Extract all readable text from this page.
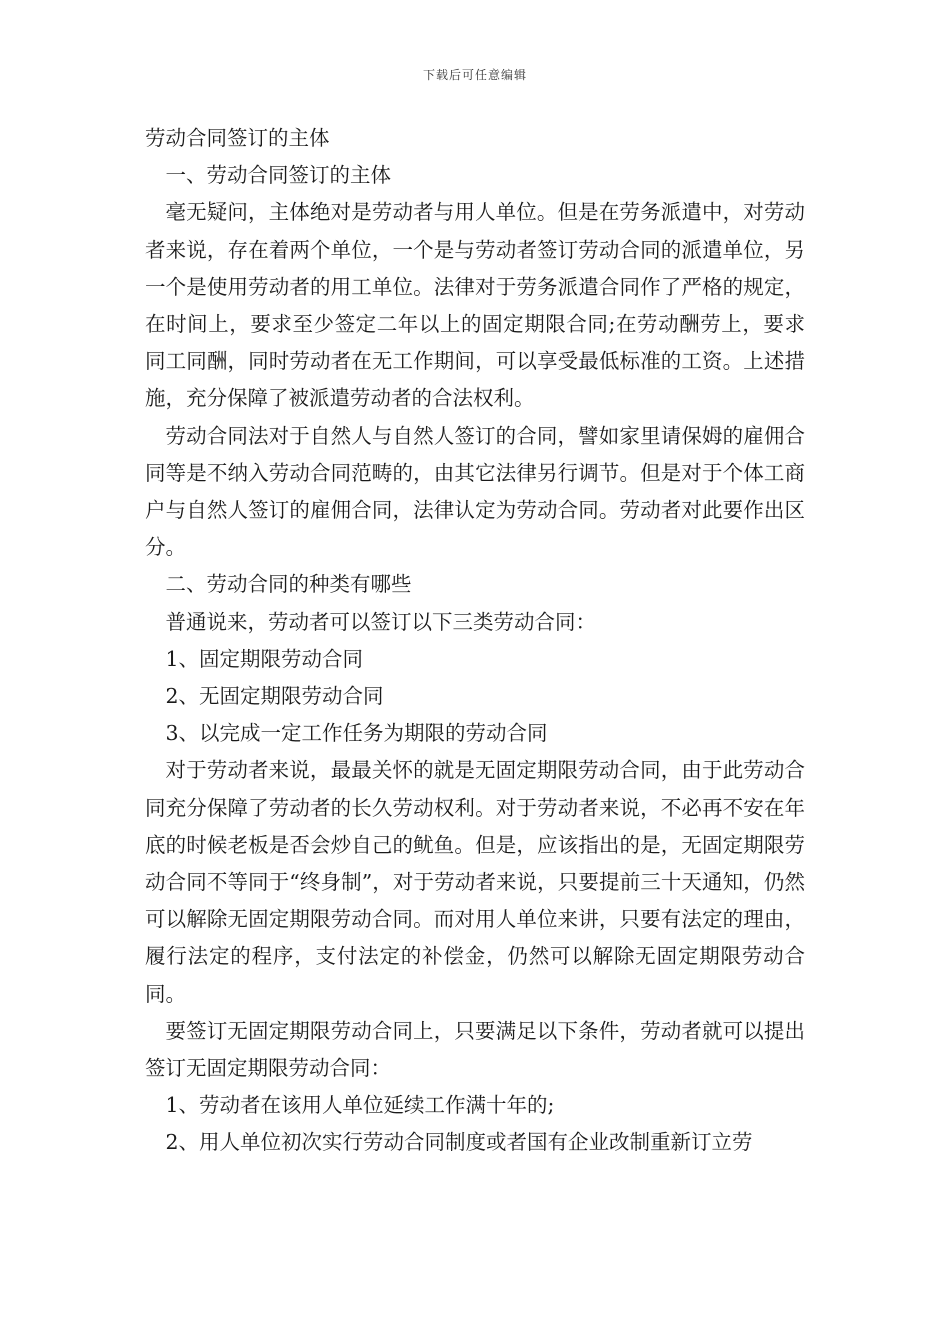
下载后可任意编辑

劳动合同签订的主体

一、劳动合同签订的主体

毫无疑问，主体绝对是劳动者与用人单位。但是在劳务派遣中，对劳动者来说，存在着两个单位，一个是与劳动者签订劳动合同的派遣单位，另一个是使用劳动者的用工单位。法律对于劳务派遣合同作了严格的规定，在时间上，要求至少签定二年以上的固定期限合同;在劳动酬劳上，要求同工同酬，同时劳动者在无工作期间，可以享受最低标准的工资。上述措施，充分保障了被派遣劳动者的合法权利。

劳动合同法对于自然人与自然人签订的合同，譬如家里请保姆的雇佣合同等是不纳入劳动合同范畴的，由其它法律另行调节。但是对于个体工商户与自然人签订的雇佣合同，法律认定为劳动合同。劳动者对此要作出区分。

二、劳动合同的种类有哪些

普通说来，劳动者可以签订以下三类劳动合同：

1、固定期限劳动合同

2、无固定期限劳动合同

3、以完成一定工作任务为期限的劳动合同

对于劳动者来说，最最关怀的就是无固定期限劳动合同，由于此劳动合同充分保障了劳动者的长久劳动权利。对于劳动者来说，不必再不安在年底的时候老板是否会炒自己的鱿鱼。但是，应该指出的是，无固定期限劳动合同不等同于“终身制”，对于劳动者来说，只要提前三十天通知，仍然可以解除无固定期限劳动合同。而对用人单位来讲，只要有法定的理由，履行法定的程序，支付法定的补偿金，仍然可以解除无固定期限劳动合同。

要签订无固定期限劳动合同上，只要满足以下条件，劳动者就可以提出签订无固定期限劳动合同：

1、劳动者在该用人单位延续工作满十年的;

2、用人单位初次实行劳动合同制度或者国有企业改制重新订立劳
